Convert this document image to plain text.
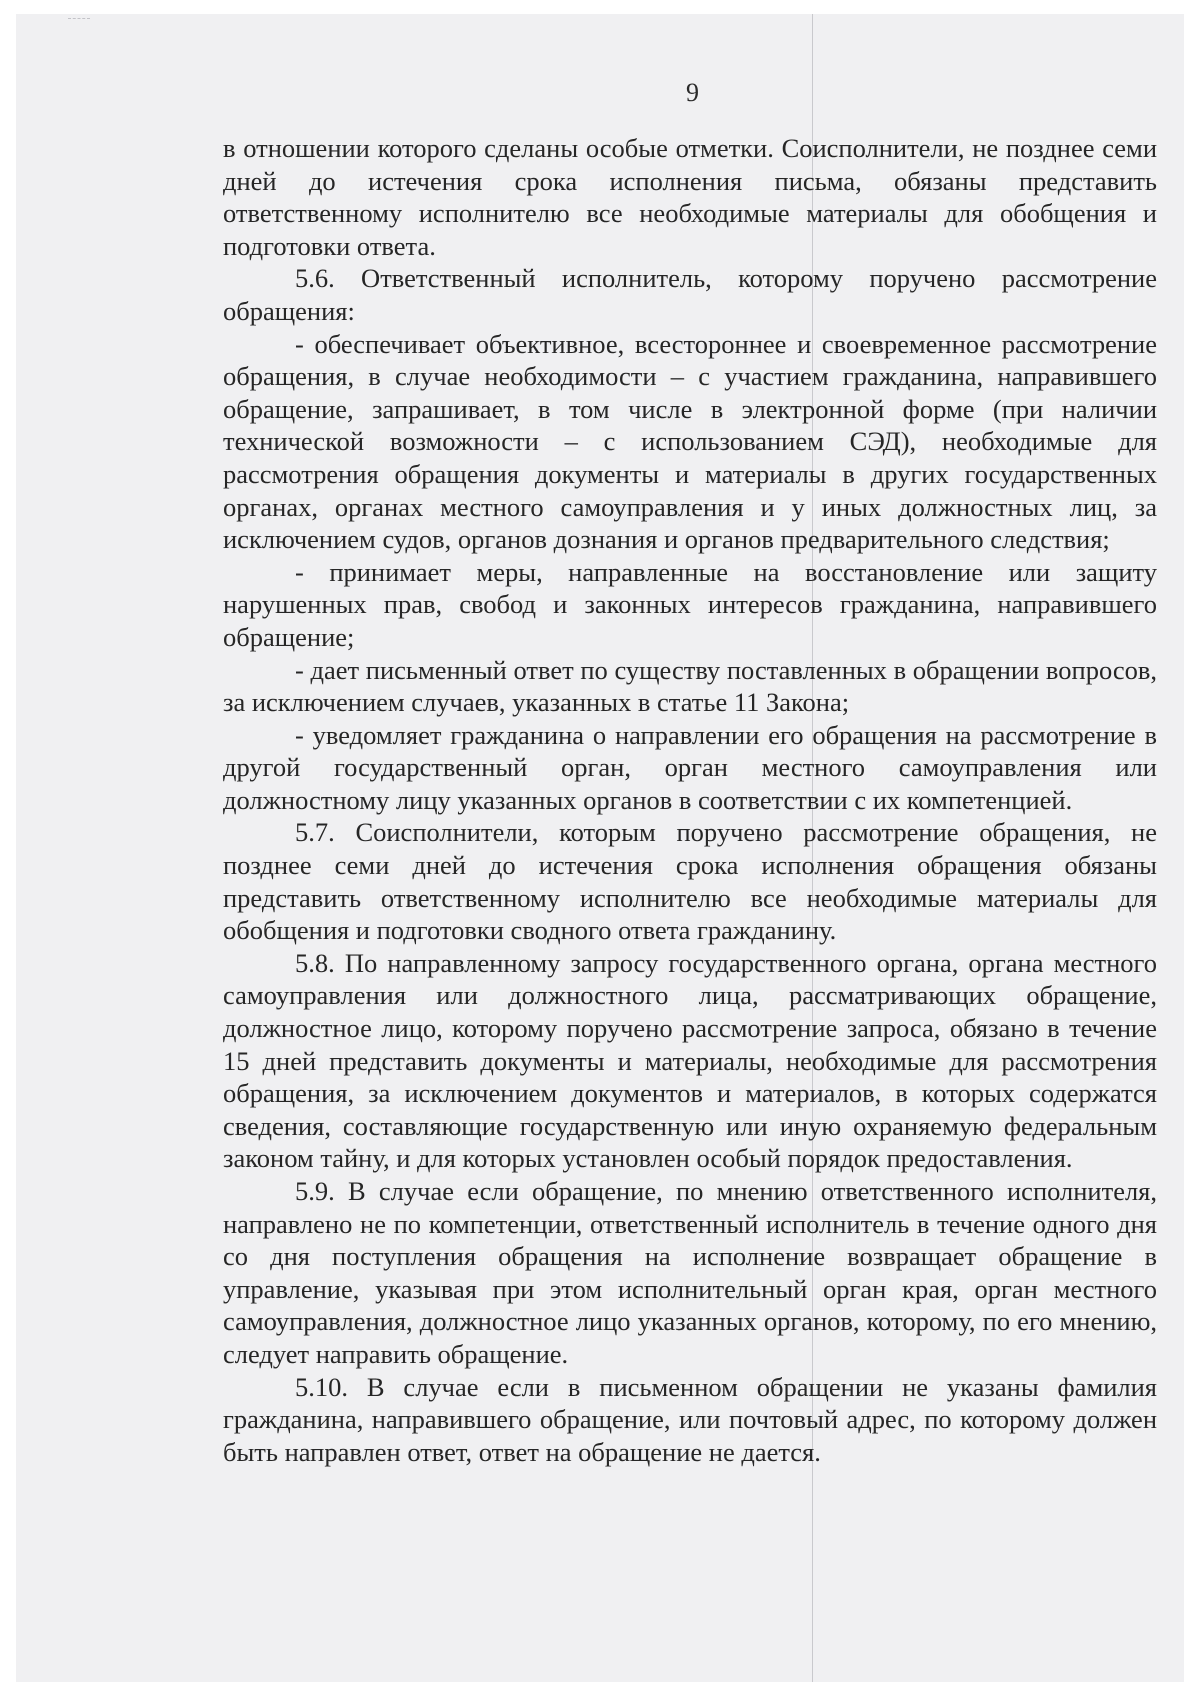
9

в отношении которого сделаны особые отметки. Соисполнители, не позднее семи дней до истечения срока исполнения письма, обязаны представить ответственному исполнителю все необходимые материалы для обобщения и подготовки ответа.

5.6. Ответственный исполнитель, которому поручено рассмотрение обращения:

- обеспечивает объективное, всестороннее и своевременное рассмотрение обращения, в случае необходимости – с участием гражданина, направившего обращение, запрашивает, в том числе в электронной форме (при наличии технической возможности – с использованием СЭД), необходимые для рассмотрения обращения документы и материалы в других государственных органах, органах местного самоуправления и у иных должностных лиц, за исключением судов, органов дознания и органов предварительного следствия;

- принимает меры, направленные на восстановление или защиту нарушенных прав, свобод и законных интересов гражданина, направившего обращение;

- дает письменный ответ по существу поставленных в обращении вопросов, за исключением случаев, указанных в статье 11 Закона;

- уведомляет гражданина о направлении его обращения на рассмотрение в другой государственный орган, орган местного самоуправления или должностному лицу указанных органов в соответствии с их компетенцией.

5.7. Соисполнители, которым поручено рассмотрение обращения, не позднее семи дней до истечения срока исполнения обращения обязаны представить ответственному исполнителю все необходимые материалы для обобщения и подготовки сводного ответа гражданину.

5.8. По направленному запросу государственного органа, органа местного самоуправления или должностного лица, рассматривающих обращение, должностное лицо, которому поручено рассмотрение запроса, обязано в течение 15 дней представить документы и материалы, необходимые для рассмотрения обращения, за исключением документов и материалов, в которых содержатся сведения, составляющие государственную или иную охраняемую федеральным законом тайну, и для которых установлен особый порядок предоставления.

5.9. В случае если обращение, по мнению ответственного исполнителя, направлено не по компетенции, ответственный исполнитель в течение одного дня со дня поступления обращения на исполнение возвращает обращение в управление, указывая при этом исполнительный орган края, орган местного самоуправления, должностное лицо указанных органов, которому, по его мнению, следует направить обращение.

5.10. В случае если в письменном обращении не указаны фамилия гражданина, направившего обращение, или почтовый адрес, по которому должен быть направлен ответ, ответ на обращение не дается.
